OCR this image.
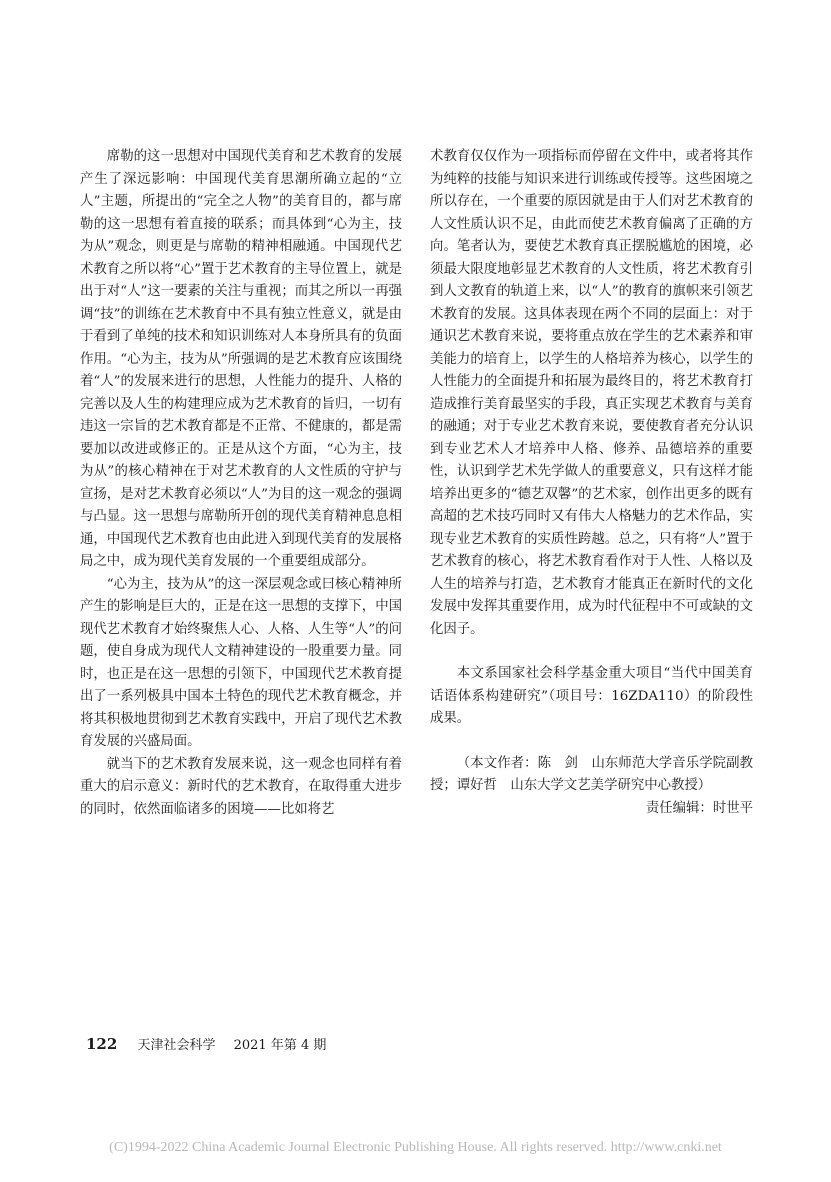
席勒的这一思想对中国现代美育和艺术教育的发展产生了深远影响：中国现代美育思潮所确立起的“立人”主题，所提出的“完全之人物”的美育目的，都与席勒的这一思想有着直接的联系；而具体到“心为主，技为从”观念，则更是与席勒的精神相融通。中国现代艺术教育之所以将“心”置于艺术教育的主导位置上，就是出于对“人”这一要素的关注与重视；而其之所以一再强调“技”的训练在艺术教育中不具有独立性意义，就是由于看到了单纯的技术和知识训练对人本身所具有的负面作用。“心为主，技为从”所强调的是艺术教育应该围绕着“人”的发展来进行的思想，人性能力的提升、人格的完善以及人生的构建理应成为艺术教育的旨归，一切有违这一宗旨的艺术教育都是不正常、不健康的，都是需要加以改进或修正的。正是从这个方面，“心为主，技为从”的核心精神在于对艺术教育的人文性质的守护与宣扬，是对艺术教育必须以“人”为目的这一观念的强调与凸显。这一思想与席勒所开创的现代美育精神息息相通，中国现代艺术教育也由此进入到现代美育的发展格局之中，成为现代美育发展的一个重要组成部分。

“心为主，技为从”的这一深层观念或曰核心精神所产生的影响是巨大的，正是在这一思想的支撑下，中国现代艺术教育才始终聚焦人心、人格、人生等“人”的问题，使自身成为现代人文精神建设的一股重要力量。同时，也正是在这一思想的引领下，中国现代艺术教育提出了一系列极具中国本土特色的现代艺术教育概念，并将其积极地贯彻到艺术教育实践中，开启了现代艺术教育发展的兴盛局面。

就当下的艺术教育发展来说，这一观念也同样有着重大的启示意义：新时代的艺术教育，在取得重大进步的同时，依然面临诸多的困境——比如将艺

术教育仅仅作为一项指标而停留在文件中，或者将其作为纯粹的技能与知识来进行训练或传授等。这些困境之所以存在，一个重要的原因就是由于人们对艺术教育的人文性质认识不足，由此而使艺术教育偏离了正确的方向。笔者认为，要使艺术教育真正摆脱尴尬的困境，必须最大限度地彰显艺术教育的人文性质，将艺术教育引到人文教育的轨道上来，以“人”的教育的旗帜来引领艺术教育的发展。这具体表现在两个不同的层面上：对于通识艺术教育来说，要将重点放在学生的艺术素养和审美能力的培育上，以学生的人格培养为核心，以学生的人性能力的全面提升和拓展为最终目的，将艺术教育打造成推行美育最坚实的手段，真正实现艺术教育与美育的融通；对于专业艺术教育来说，要使教育者充分认识到专业艺术人才培养中人格、修养、品德培养的重要性，认识到学艺术先学做人的重要意义，只有这样才能培养出更多的“德艺双馨”的艺术家，创作出更多的既有高超的艺术技巧同时又有伟大人格魅力的艺术作品，实现专业艺术教育的实质性跨越。总之，只有将“人”置于艺术教育的核心，将艺术教育看作对于人性、人格以及人生的培养与打造，艺术教育才能真正在新时代的文化发展中发挥其重要作用，成为时代征程中不可或缺的文化因子。

本文系国家社会科学基金重大项目“当代中国美育话语体系构建研究”（项目号：16ZDA110）的阶段性成果。

（本文作者：陈　剑　山东师范大学音乐学院副教授；谭好哲　山东大学文艺美学研究中心教授）

责任编辑：时世平

122 天津社会科学 2021 年第 4 期
(C)1994-2022 China Academic Journal Electronic Publishing House. All rights reserved. http://www.cnki.net
